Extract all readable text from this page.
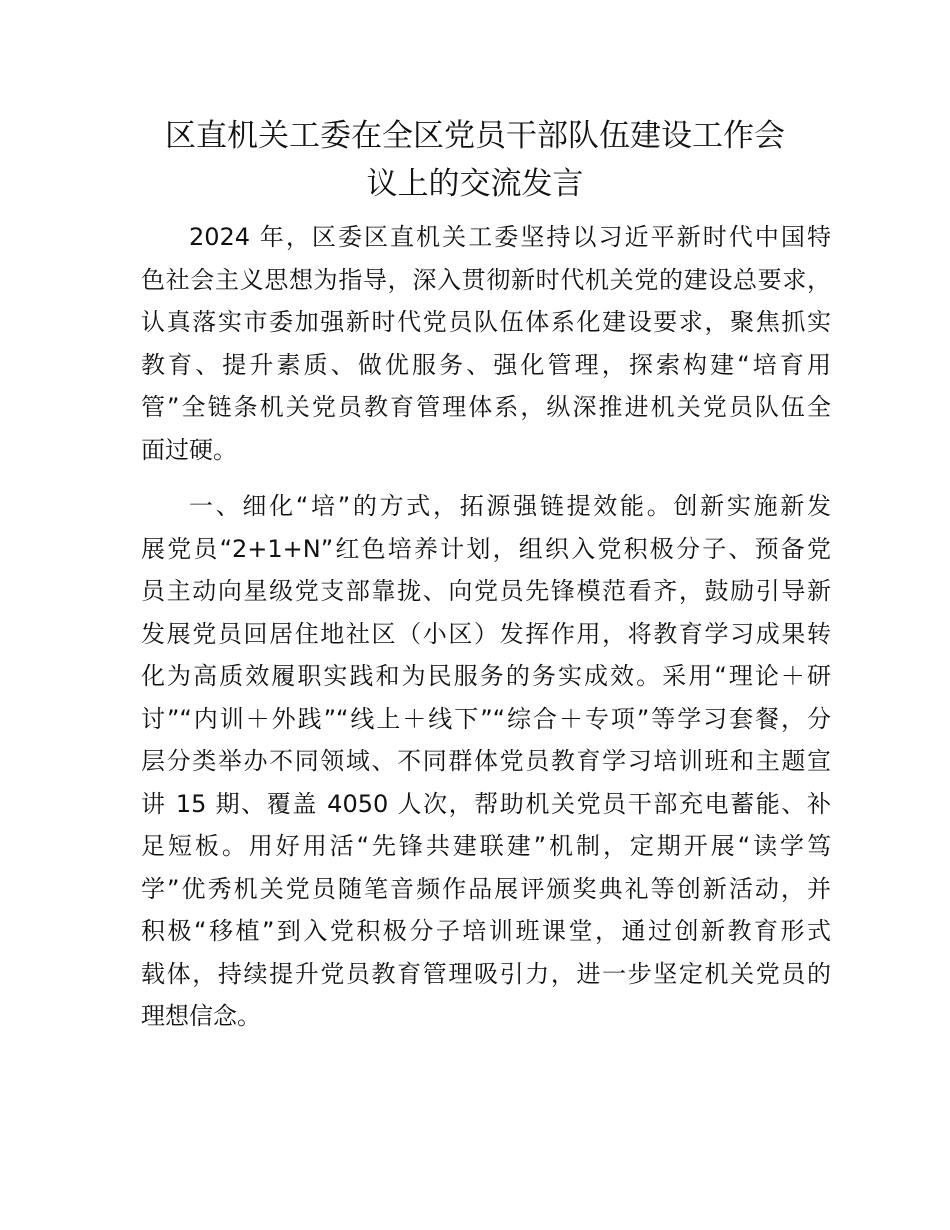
区直机关工委在全区党员干部队伍建设工作会
议上的交流发言

2024 年，区委区直机关工委坚持以习近平新时代中国特
色社会主义思想为指导，深入贯彻新时代机关党的建设总要求，
认真落实市委加强新时代党员队伍体系化建设要求，聚焦抓实
教育、提升素质、做优服务、强化管理，探索构建“培育用
管”全链条机关党员教育管理体系，纵深推进机关党员队伍全
面过硬。

一、细化“培”的方式，拓源强链提效能。创新实施新发
展党员“2+1+N”红色培养计划，组织入党积极分子、预备党
员主动向星级党支部靠拢、向党员先锋模范看齐，鼓励引导新
发展党员回居住地社区（小区）发挥作用，将教育学习成果转
化为高质效履职实践和为民服务的务实成效。采用“理论＋研
讨”“内训＋外践”“线上＋线下”“综合＋专项”等学习套餐，分
层分类举办不同领域、不同群体党员教育学习培训班和主题宣
讲 15 期、覆盖 4050 人次，帮助机关党员干部充电蓄能、补
足短板。用好用活“先锋共建联建”机制，定期开展“读学笃
学”优秀机关党员随笔音频作品展评颁奖典礼等创新活动，并
积极“移植”到入党积极分子培训班课堂，通过创新教育形式
载体，持续提升党员教育管理吸引力，进一步坚定机关党员的
理想信念。
